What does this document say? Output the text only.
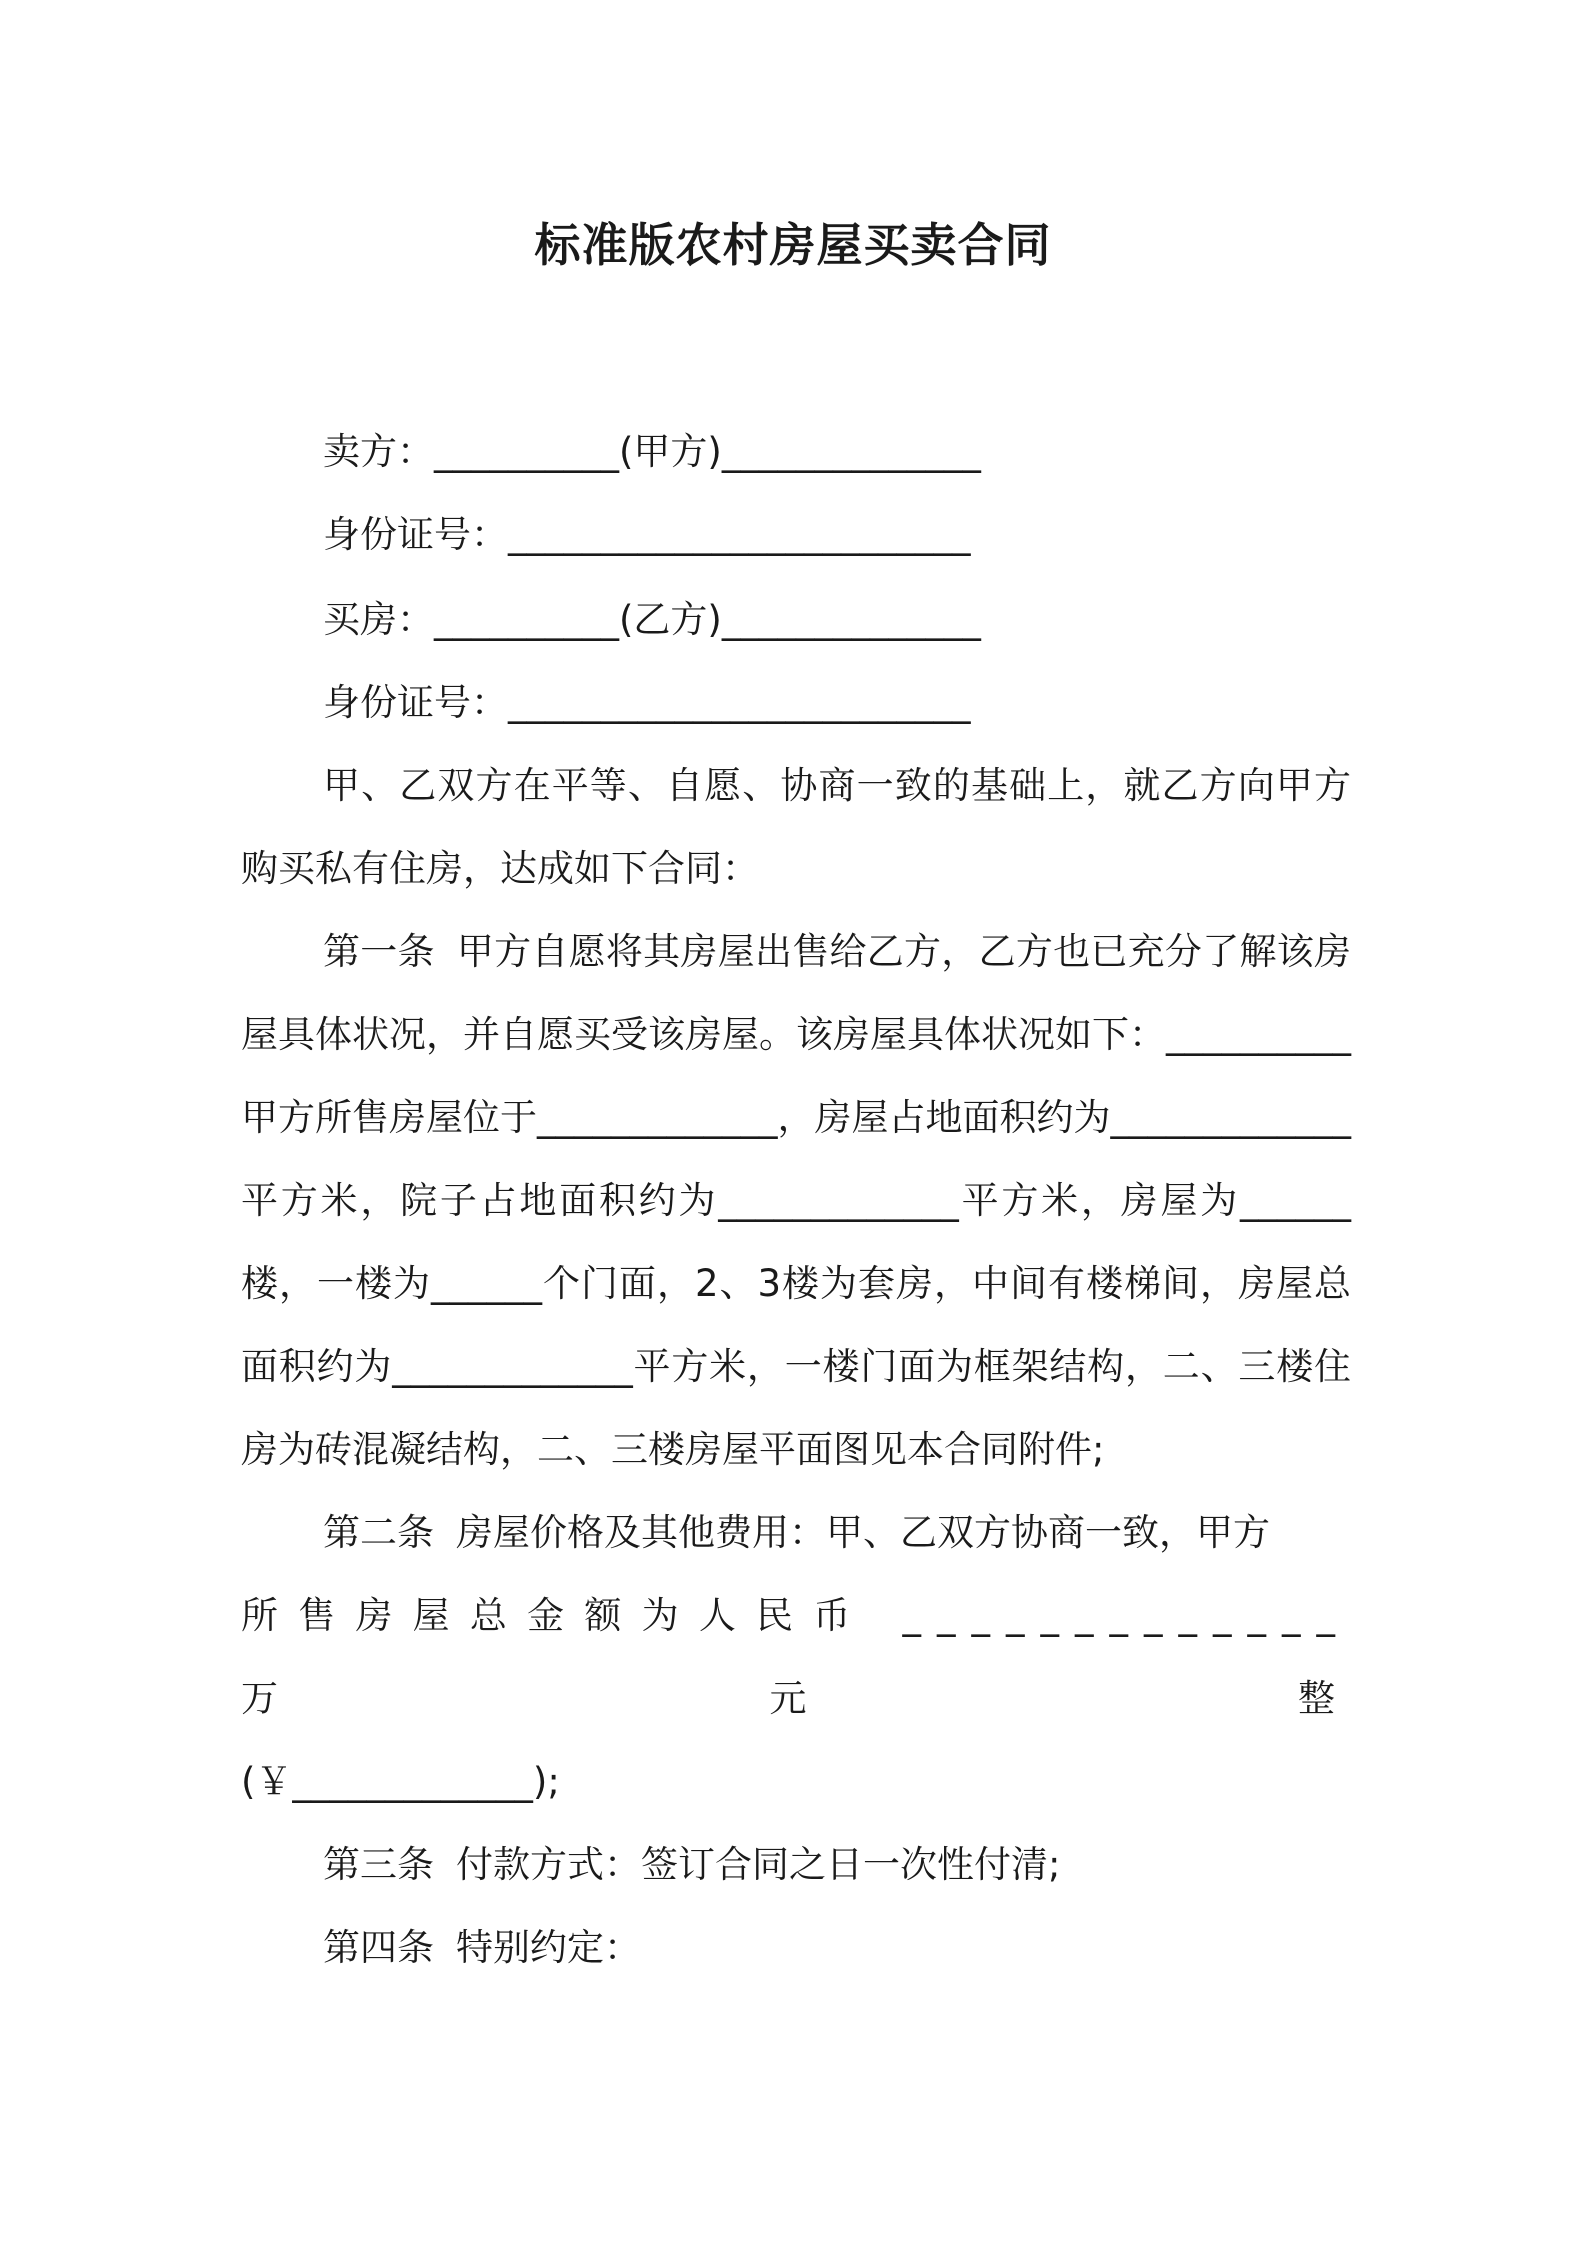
标准版农村房屋买卖合同
卖方：__________(甲方)______________
身份证号：_________________________
买房：__________(乙方)______________
身份证号：_________________________
甲、乙双方在平等、自愿、协商一致的基础上，就乙方向甲方购买私有住房，达成如下合同：
第一条 甲方自愿将其房屋出售给乙方，乙方也已充分了解该房屋具体状况，并自愿买受该房屋。该房屋具体状况如下：__________甲方所售房屋位于_____________，房屋占地面积约为_____________平方米，院子占地面积约为_____________平方米，房屋为______楼，一楼为______个门面，2、3楼为套房，中间有楼梯间，房屋总面积约为_____________平方米，一楼门面为框架结构，二、三楼住房为砖混凝结构，二、三楼房屋平面图见本合同附件;
第二条 房屋价格及其他费用：甲、乙双方协商一致，甲方
所售房屋总金额为人民币 _____________万元整
(￥_____________);
第三条 付款方式：签订合同之日一次性付清;
第四条 特别约定：
